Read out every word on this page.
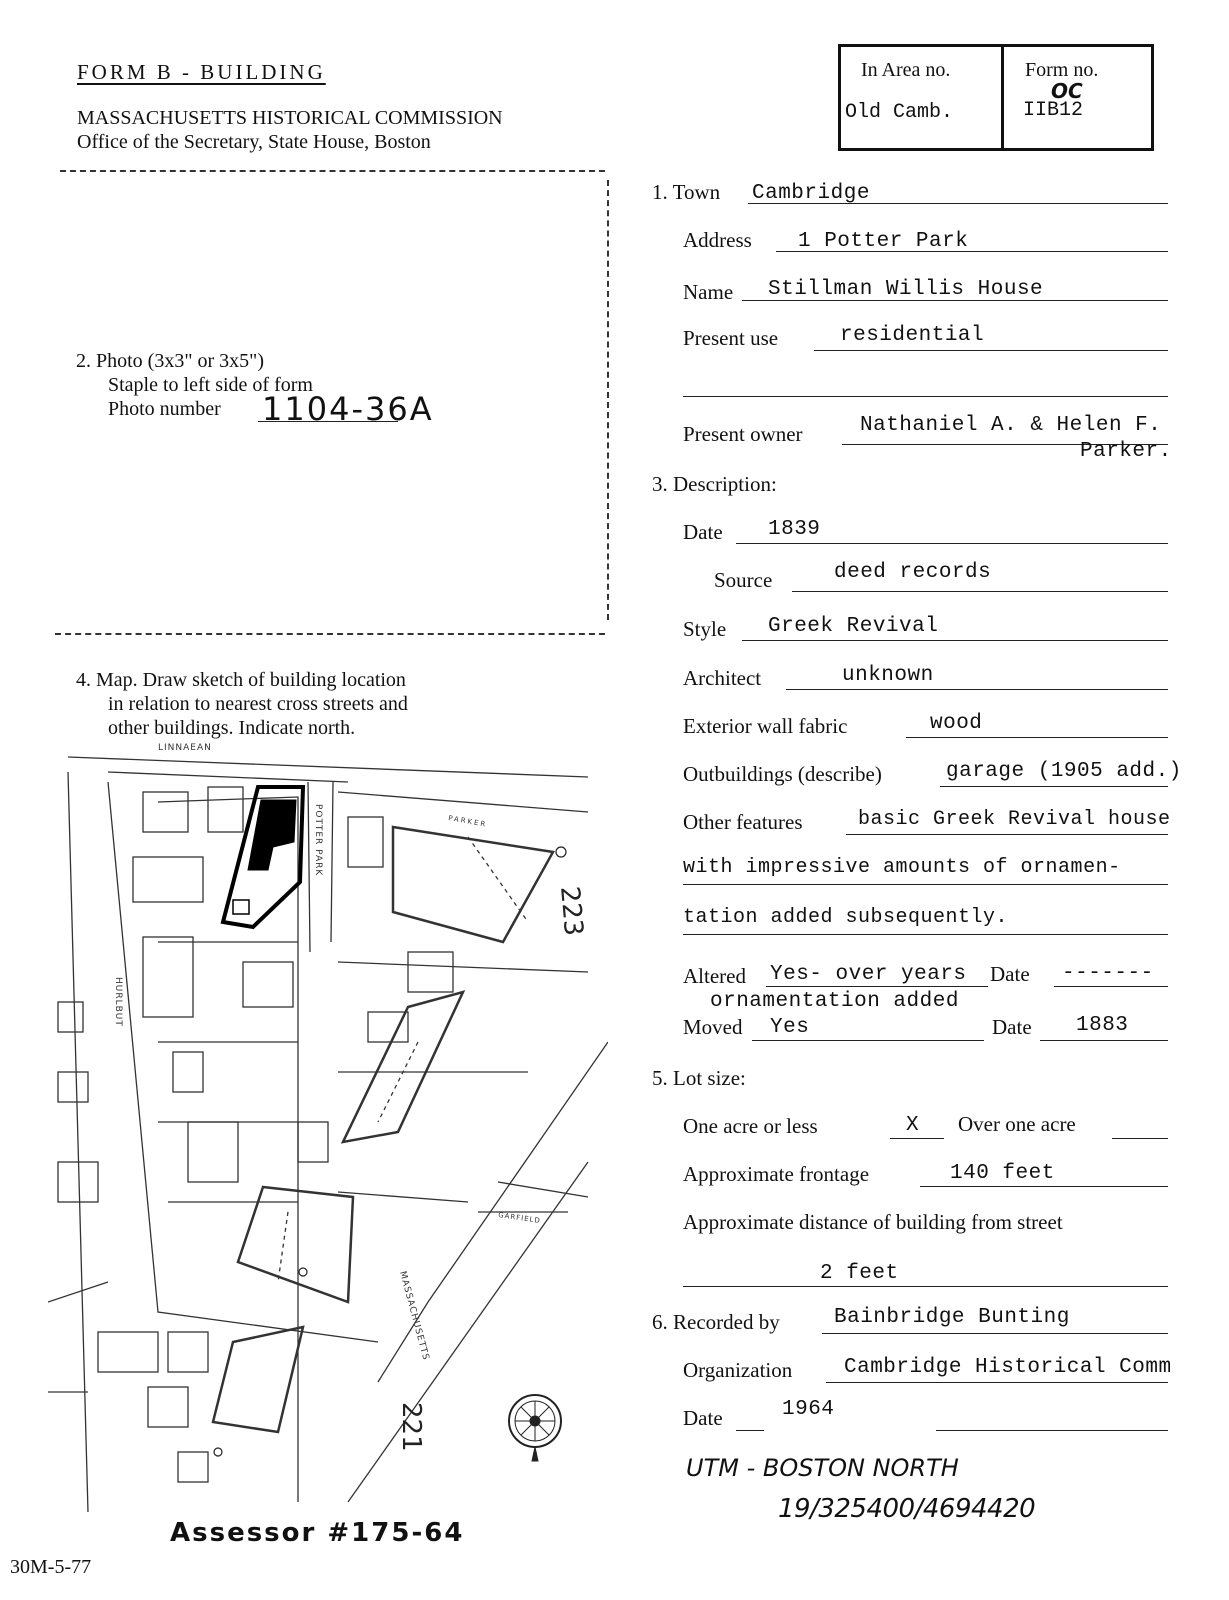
FORM B - BUILDING
MASSACHUSETTS HISTORICAL COMMISSION
Office of the Secretary, State House, Boston
In Area no.
Old Camb.
Form no.
OC
IIB12
2. Photo (3x3" or 3x5")
Staple to left side of form
Photo number 1104-36A
4. Map. Draw sketch of building location
in relation to nearest cross streets and
other buildings. Indicate north.
LINNAEAN
POTTER PARK
HURLBUT
MASSACHUSETTS
GARFIELD
PARKER
223
221
Assessor #175-64
30M-5-77
1. Town Cambridge
Address 1 Potter Park
Name Stillman Willis House
Present use	residential
Present owner	Nathaniel A. & Helen F.
Parker.
3. Description:
Date 1839
Source	deed records
Style Greek Revival
Architect	unknown
Exterior wall fabric	wood
Outbuildings (describe)	garage (1905 add.)
Other features	basic Greek Revival house
with impressive amounts of ornamen-
tation added subsequently.
Altered Yes- over years Date -------
ornamentation added
Moved Yes	Date 1883
5. Lot size:
One acre or less	X Over one acre
Approximate frontage	140 feet
Approximate distance of building from street
2 feet
6. Recorded by	Bainbridge Bunting
Organization Cambridge Historical Comm
Date	1964
UTM - BOSTON NORTH
19/325400/4694420
